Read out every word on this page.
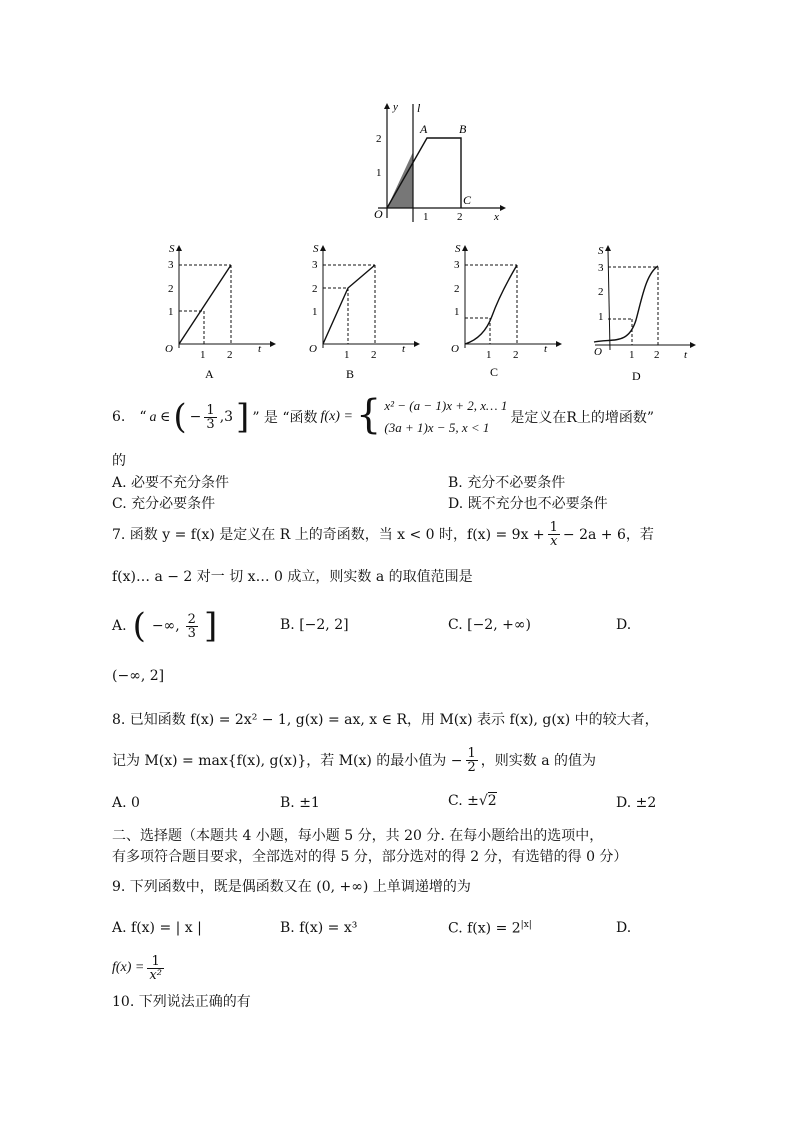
y l
x
O
A	B
C
1	2
1
2
S
t
O 1 2
1
2
3
A
S
t
O 1 2
1
2
3
B
S
t
O 1 2
1
2
3
C
S
t
O 1 2
1
2
3
D
6. “ a ∈ ( − $\frac{1}{3} ,3$ ] ” 是 “函数 f(x) = { x² − (a − 1)x + 2, x… 1
(3a + 1)x − 5, x < 1
是定义在R上的增函数”
的
A. 必要不充分条件	B. 充分不必要条件
C. 充分必要条件	D. 既不充分也不必要条件
7. 函数 y = f(x) 是定义在 R 上的奇函数，当 x < 0 时，$f(x) = 9x + \frac{1}{x} - 2a + 6$，若
f(x)… a − 2 对一 切 x… 0 成立，则实数 a 的取值范围是
A. ( −∞, $\frac{2}{3}$ ]	B. [−2, 2]	C. [−2, +∞)	D.
(−∞, 2]
8. 已知函数 f(x) = 2x² − 1, g(x) = ax, x ∈ R，用 M(x) 表示 f(x), g(x) 中的较大者，
记为 M(x) = max{f(x), g(x)}，若 M(x) 的最小值为 − $\frac{1}{2}$ ，则实数 a 的值为
A. 0	B. ±1	C. ±√2	D. ±2
二、选择题（本题共 4 小题，每小题 5 分，共 20 分. 在每小题给出的选项中，
有多项符合题目要求，全部选对的得 5 分，部分选对的得 2 分，有选错的得 0 分）
9. 下列函数中，既是偶函数又在 (0, +∞) 上单调递增的为
A. f(x) = | x |	B. f(x) = x³	C. $f(x) = 2^{|x|}$	D.
$f(x) = \frac{1}{\text{x²}}$
10. 下列说法正确的有
